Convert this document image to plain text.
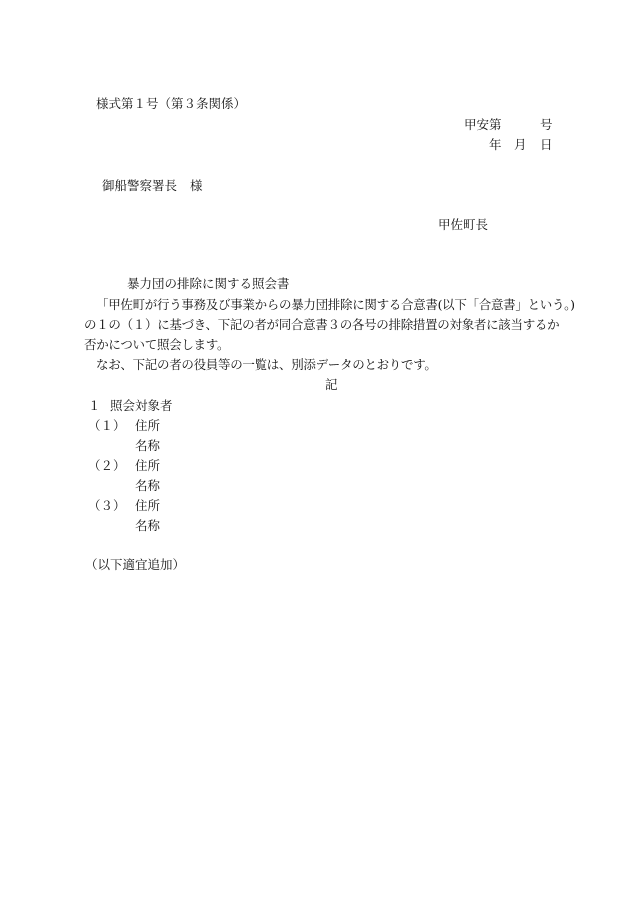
様式第１号（第３条関係）
甲安第	号
年 月 日
御船警察署長 様
甲佐町長
暴力団の排除に関する照会書
「甲佐町が行う事務及び事業からの暴力団排除に関する合意書(以下「合意書」という。)
の１の（１）に基づき、下記の者が同合意書３の各号の排除措置の対象者に該当するか
否かについて照会します。
なお、下記の者の役員等の一覧は、別添データのとおりです。
記
１ 照会対象者
（１） 住所
名称
（２） 住所
名称
（３） 住所
名称
（以下適宜追加）
